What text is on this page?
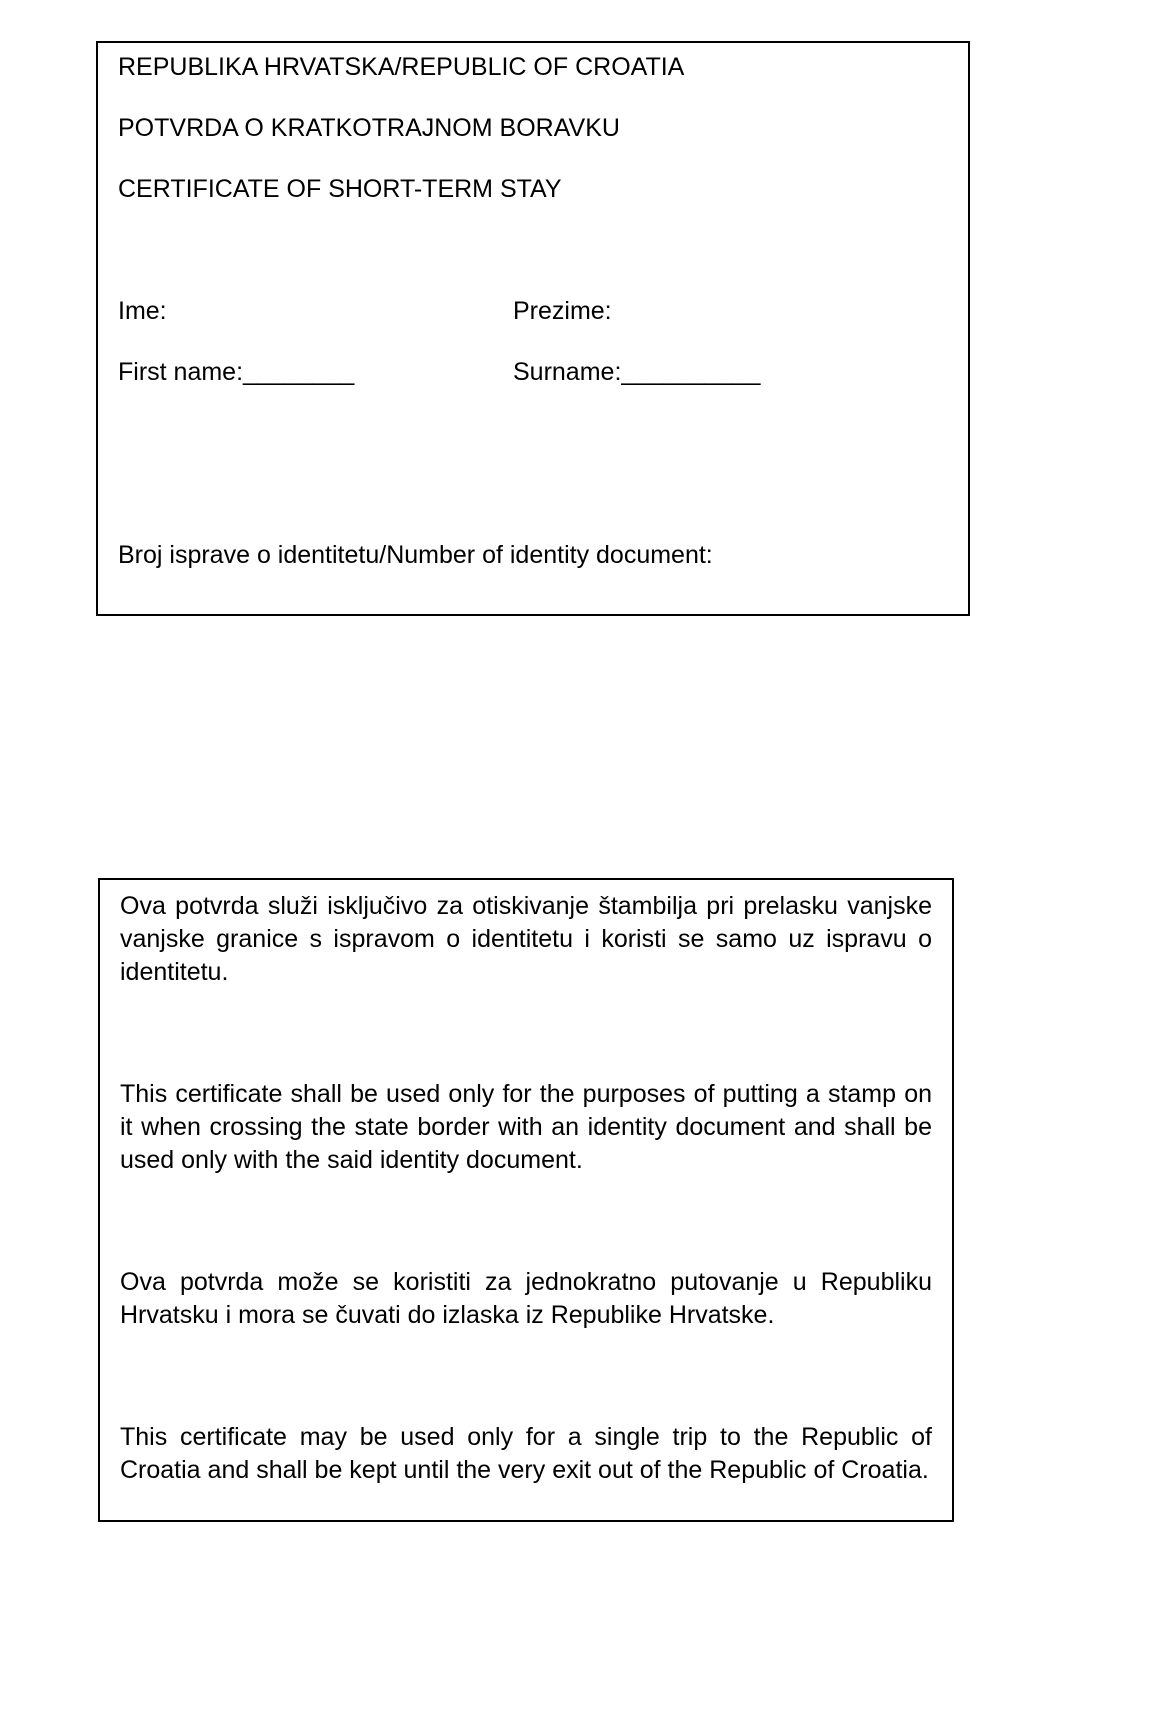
REPUBLIKA HRVATSKA/REPUBLIC OF CROATIA
POTVRDA O KRATKOTRAJNOM BORAVKU
CERTIFICATE OF SHORT-TERM STAY
Ime:	Prezime:
First name:________	Surname:__________
Broj isprave o identitetu/Number of identity document:

Ova potvrda služi isključivo za otiskivanje štambilja pri prelasku vanjske vanjske granice s ispravom o identitetu i koristi se samo uz ispravu o identitetu.

This certificate shall be used only for the purposes of putting a stamp on it when crossing the state border with an identity document and shall be used only with the said identity document.

Ova potvrda može se koristiti za jednokratno putovanje u Republiku Hrvatsku i mora se čuvati do izlaska iz Republike Hrvatske.

This certificate may be used only for a single trip to the Republic of Croatia and shall be kept until the very exit out of the Republic of Croatia.
